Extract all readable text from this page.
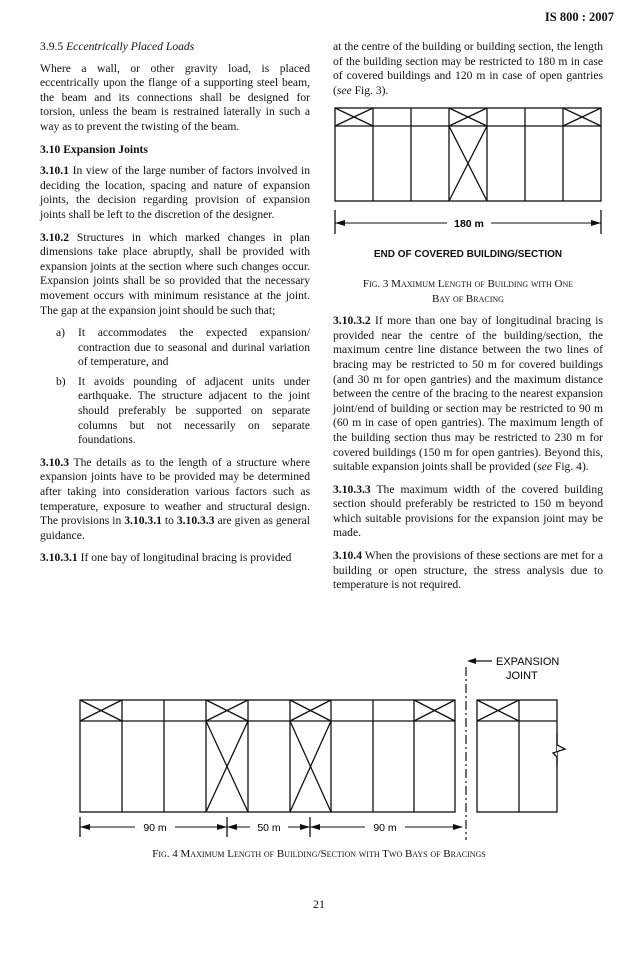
IS 800 : 2007

3.9.5 Eccentrically Placed Loads

Where a wall, or other gravity load, is placed eccentrically upon the flange of a supporting steel beam, the beam and its connections shall be designed for torsion, unless the beam is restrained laterally in such a way as to prevent the twisting of the beam.

3.10 Expansion Joints

3.10.1 In view of the large number of factors involved in deciding the location, spacing and nature of expansion joints, the decision regarding provision of expansion joints shall be left to the discretion of the designer.

3.10.2 Structures in which marked changes in plan dimensions take place abruptly, shall be provided with expansion joints at the section where such changes occur. Expansion joints shall be so provided that the necessary movement occurs with minimum resistance at the joint. The gap at the expansion joint should be such that;

a) It accommodates the expected expansion/ contraction due to seasonal and durinal variation of temperature, and
b) It avoids pounding of adjacent units under earthquake. The structure adjacent to the joint should preferably be supported on separate columns but not necessarily on separate foundations.

3.10.3 The details as to the length of a structure where expansion joints have to be provided may be determined after taking into consideration various factors such as temperature, exposure to weather and structural design. The provisions in 3.10.3.1 to 3.10.3.3 are given as general guidance.

3.10.3.1 If one bay of longitudinal bracing is provided

at the centre of the building or building section, the length of the building section may be restricted to 180 m in case of covered buildings and 120 m in case of open gantries (see Fig. 3).

180 m
END OF COVERED BUILDING/SECTION
Fig. 3 Maximum Length of Building with One
Bay of Bracing

3.10.3.2 If more than one bay of longitudinal bracing is provided near the centre of the building/section, the maximum centre line distance between the two lines of bracing may be restricted to 50 m for covered buildings (and 30 m for open gantries) and the maximum distance between the centre of the bracing to the nearest expansion joint/end of building or section may be restricted to 90 m (60 m in case of open gantries). The maximum length of the building section thus may be restricted to 230 m for covered buildings (150 m for open gantries). Beyond this, suitable expansion joints shall be provided (see Fig. 4).

3.10.3.3 The maximum width of the covered building section should preferably be restricted to 150 m beyond which suitable provisions for the expansion joint may be made.

3.10.4 When the provisions of these sections are met for a building or open structure, the stress analysis due to temperature is not required.

EXPANSION
JOINT
90 m	50 m	90 m
Fig. 4 Maximum Length of Building/Section with Two Bays of Bracings
21
